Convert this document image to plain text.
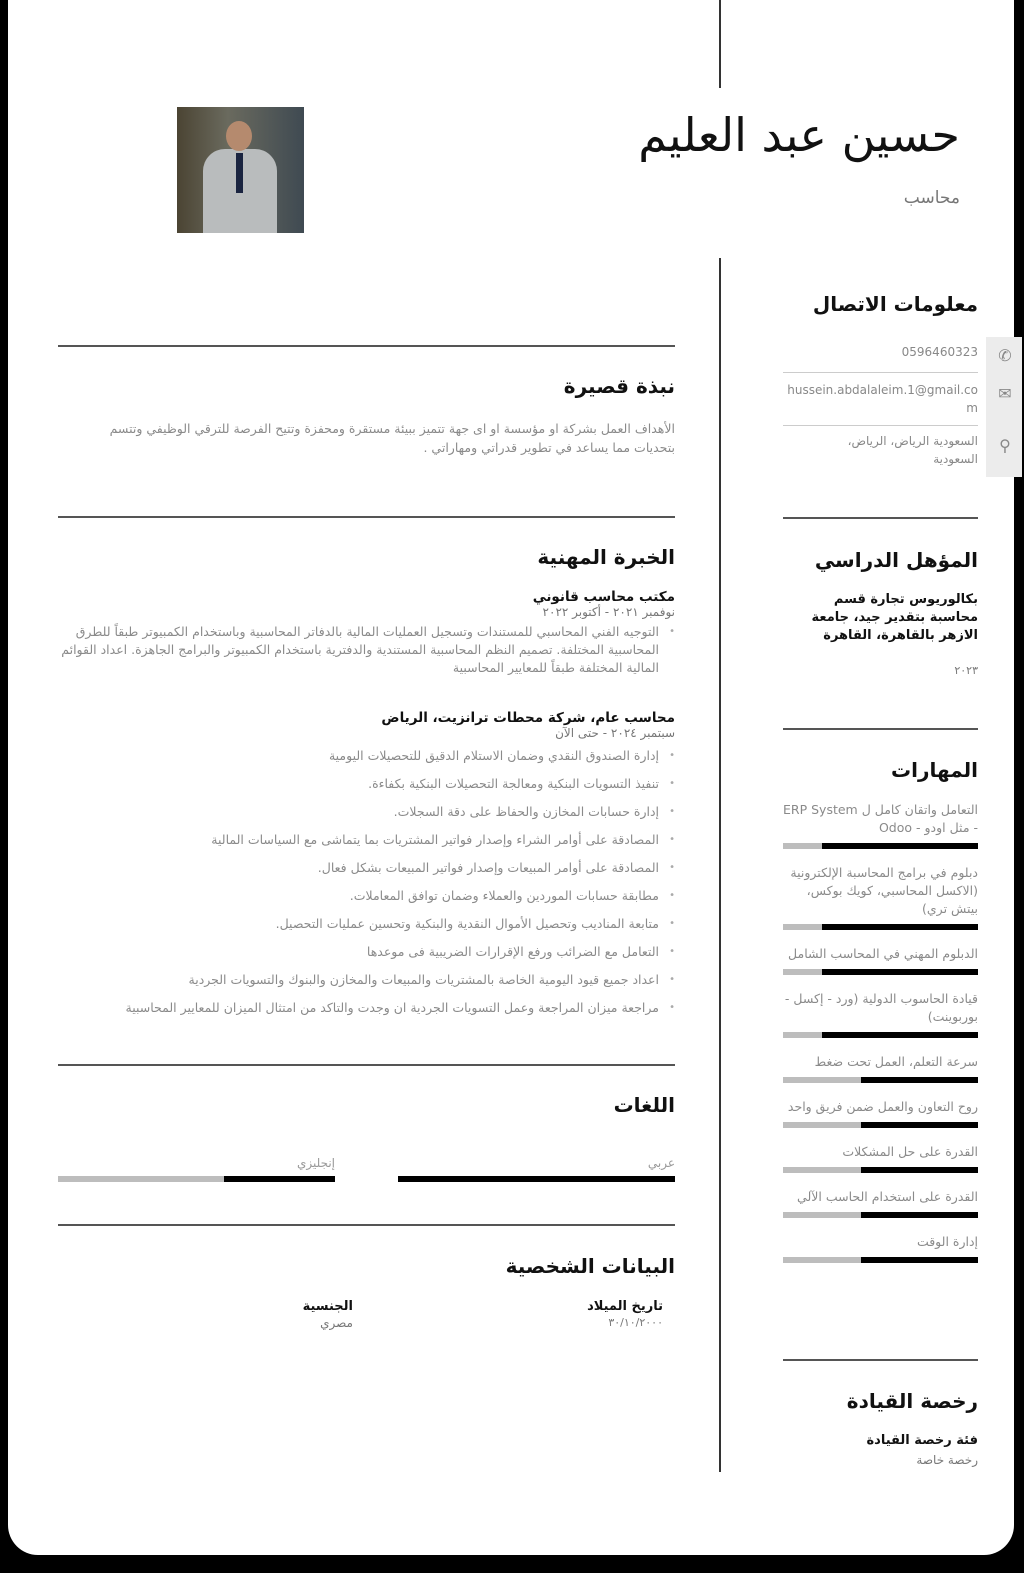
حسين عبد العليم
محاسب
معلومات الاتصال
✆
✉
⚲
0596460323
hussein.abdalaleim.1@gmail.com
السعودية الرياض، الرياض، السعودية
المؤهل الدراسي
بكالوريوس تجارة قسم محاسبة بتقدير جيد، جامعة الازهر بالقاهرة، القاهرة
٢٠٢٣
المهارات
التعامل واتقان كامل ل ERP System - مثل اودو - Odoo
دبلوم في برامج المحاسبة الإلكترونية (الاكسل المحاسبي، كويك بوكس، بيتش تري)
الدبلوم المهني في المحاسب الشامل
قيادة الحاسوب الدولية (ورد - إكسل - بوربوينت)
سرعة التعلم، العمل تحت ضغط
روح التعاون والعمل ضمن فريق واحد
القدرة على حل المشكلات
القدرة على استخدام الحاسب الآلي
إدارة الوقت
رخصة القيادة
فئة رخصة القيادة
رخصة خاصة
نبذة قصيرة
الأهداف العمل بشركة او مؤسسة او اى جهة تتميز ببيئة مستقرة ومحفزة وتتيح الفرصة للترقي الوظيفي وتتسم بتحديات مما يساعد في تطوير قدراتي ومهاراتي .
الخبرة المهنية
مكتب محاسب قانوني
نوفمبر ٢٠٢١ - أكتوبر ٢٠٢٢
• التوجيه الفني المحاسبي للمستندات وتسجيل العمليات المالية بالدفاتر المحاسبية وباستخدام الكمبيوتر طبقاً للطرق المحاسبية المختلفة. تصميم النظم المحاسبية المستندية والدفترية باستخدام الكمبيوتر والبرامج الجاهزة. اعداد القوائم المالية المختلفة طبقاً للمعايير المحاسبية
محاسب عام، شركة محطات ترانزيت، الرياض
سبتمبر ٢٠٢٤ - حتى الآن
• إدارة الصندوق النقدي وضمان الاستلام الدقيق للتحصيلات اليومية
• تنفيذ التسويات البنكية ومعالجة التحصيلات البنكية بكفاءة.
• إدارة حسابات المخازن والحفاظ على دقة السجلات.
• المصادقة على أوامر الشراء وإصدار فواتير المشتريات بما يتماشى مع السياسات المالية
• المصادقة على أوامر المبيعات وإصدار فواتير المبيعات بشكل فعال.
• مطابقة حسابات الموردين والعملاء وضمان توافق المعاملات.
• متابعة المناديب وتحصيل الأموال النقدية والبنكية وتحسين عمليات التحصيل.
• التعامل مع الضرائب ورفع الإقرارات الضريبية فى موعدها
• اعداد جميع قيود اليومية الخاصة بالمشتريات والمبيعات والمخازن والبنوك والتسويات الجردية
• مراجعة ميزان المراجعة وعمل التسويات الجردية ان وجدت والتاكد من امتثال الميزان للمعايير المحاسبية
اللغات
عربي
إنجليزي
البيانات الشخصية
تاريخ الميلاد
٣٠/١٠/٢٠٠٠
الجنسية
مصري
